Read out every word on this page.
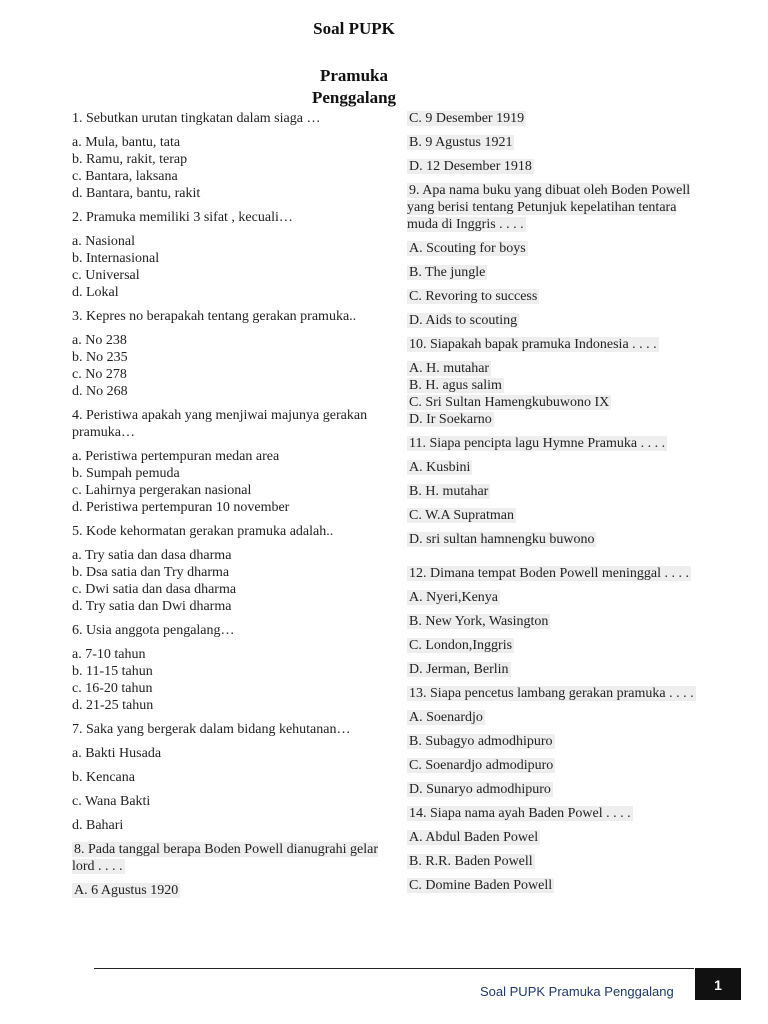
Soal PUPK
Pramuka
Penggalang
1. Sebutkan urutan tingkatan dalam siaga …
a. Mula, bantu, tata
b. Ramu, rakit, terap
c. Bantara, laksana
d. Bantara, bantu, rakit
2. Pramuka memiliki 3 sifat , kecuali…
a. Nasional
b. Internasional
c. Universal
d. Lokal
3. Kepres no berapakah tentang gerakan pramuka..
a. No 238
b. No 235
c. No 278
d. No 268
4. Peristiwa apakah yang menjiwai majunya gerakan pramuka…
a. Peristiwa pertempuran medan area
b. Sumpah pemuda
c. Lahirnya pergerakan nasional
d. Peristiwa pertempuran 10 november
5. Kode kehormatan gerakan pramuka adalah..
a. Try satia dan dasa dharma
b. Dsa satia dan Try dharma
c. Dwi satia dan dasa dharma
d. Try satia dan Dwi dharma
6. Usia anggota pengalang…
a. 7-10 tahun
b. 11-15 tahun
c. 16-20 tahun
d. 21-25 tahun
7. Saka yang bergerak dalam bidang kehutanan…
a. Bakti Husada
b. Kencana
c. Wana Bakti
d. Bahari
8. Pada tanggal berapa Boden Powell dianugrahi gelar lord . . . .
A. 6 Agustus 1920
C. 9 Desember 1919
B. 9 Agustus 1921
D. 12 Desember 1918
9. Apa nama buku yang dibuat oleh Boden Powell yang berisi tentang Petunjuk kepelatihan tentara muda di Inggris . . . .
A. Scouting for boys
B. The jungle
C. Revoring to success
D. Aids to scouting
10. Siapakah bapak pramuka Indonesia . . . .
A. H. mutahar
B. H. agus salim
C. Sri Sultan Hamengkubuwono IX
D. Ir Soekarno
11. Siapa pencipta lagu Hymne Pramuka . . . .
A. Kusbini
B. H. mutahar
C. W.A Supratman
D. sri sultan hamnengku buwono
12. Dimana tempat Boden Powell meninggal . . . .
A. Nyeri,Kenya
B. New York, Wasington
C. London,Inggris
D. Jerman, Berlin
13. Siapa pencetus lambang gerakan pramuka . . . .
A. Soenardjo
B. Subagyo admodhipuro
C. Soenardjo admodipuro
D. Sunaryo admodhipuro
14. Siapa nama ayah Baden Powel . . . .
A. Abdul Baden Powel
B. R.R. Baden Powell
C. Domine Baden Powell
Soal PUPK Pramuka Penggalang	1
